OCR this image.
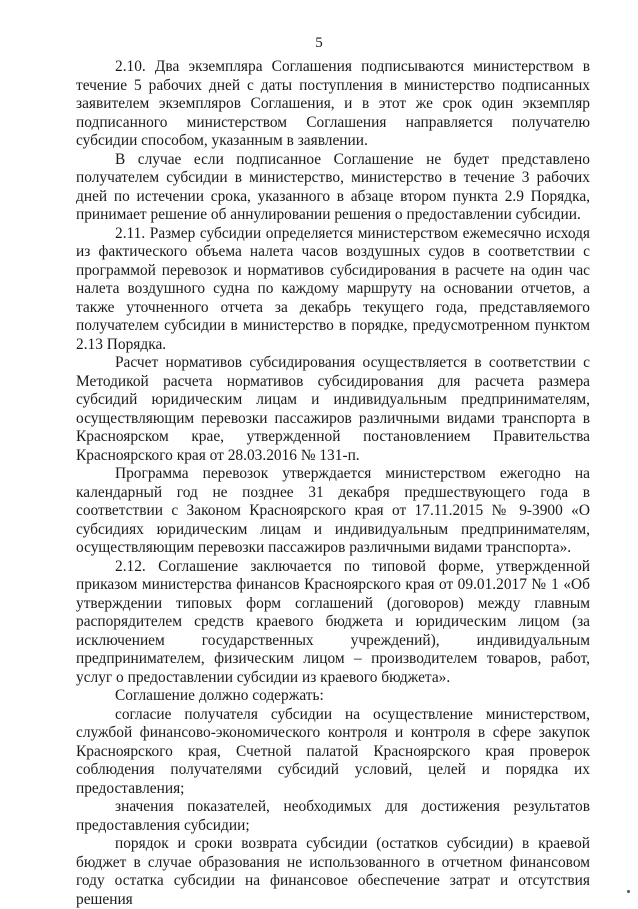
5

2.10. Два экземпляра Соглашения подписываются министерством в течение 5 рабочих дней с даты поступления в министерство подписанных заявителем экземпляров Соглашения, и в этот же срок один экземпляр подписанного министерством Соглашения направляется получателю субсидии способом, указанным в заявлении.

В случае если подписанное Соглашение не будет представлено получателем субсидии в министерство, министерство в течение 3 рабочих дней по истечении срока, указанного в абзаце втором пункта 2.9 Порядка, принимает решение об аннулировании решения о предоставлении субсидии.

2.11. Размер субсидии определяется министерством ежемесячно исходя из фактического объема налета часов воздушных судов в соответствии с программой перевозок и нормативов субсидирования в расчете на один час налета воздушного судна по каждому маршруту на основании отчетов, а также уточненного отчета за декабрь текущего года, представляемого получателем субсидии в министерство в порядке, предусмотренном пунктом 2.13 Порядка.

Расчет нормативов субсидирования осуществляется в соответствии с Методикой расчета нормативов субсидирования для расчета размера субсидий юридическим лицам и индивидуальным предпринимателям, осуществляющим перевозки пассажиров различными видами транспорта в Красноярском крае, утвержденной постановлением Правительства Красноярского края от 28.03.2016 № 131-п.

Программа перевозок утверждается министерством ежегодно на календарный год не позднее 31 декабря предшествующего года в соответствии с Законом Красноярского края от 17.11.2015 № 9-3900 «О субсидиях юридическим лицам и индивидуальным предпринимателям, осуществляющим перевозки пассажиров различными видами транспорта».

2.12. Соглашение заключается по типовой форме, утвержденной приказом министерства финансов Красноярского края от 09.01.2017 № 1 «Об утверждении типовых форм соглашений (договоров) между главным распорядителем средств краевого бюджета и юридическим лицом (за исключением государственных учреждений), индивидуальным предпринимателем, физическим лицом – производителем товаров, работ, услуг о предоставлении субсидии из краевого бюджета».

Соглашение должно содержать:

согласие получателя субсидии на осуществление министерством, службой финансово-экономического контроля и контроля в сфере закупок Красноярского края, Счетной палатой Красноярского края проверок соблюдения получателями субсидий условий, целей и порядка их предоставления;

значения показателей, необходимых для достижения результатов предоставления субсидии;

порядок и сроки возврата субсидии (остатков субсидии) в краевой бюджет в случае образования не использованного в отчетном финансовом году остатка субсидии на финансовое обеспечение затрат и отсутствия решения
